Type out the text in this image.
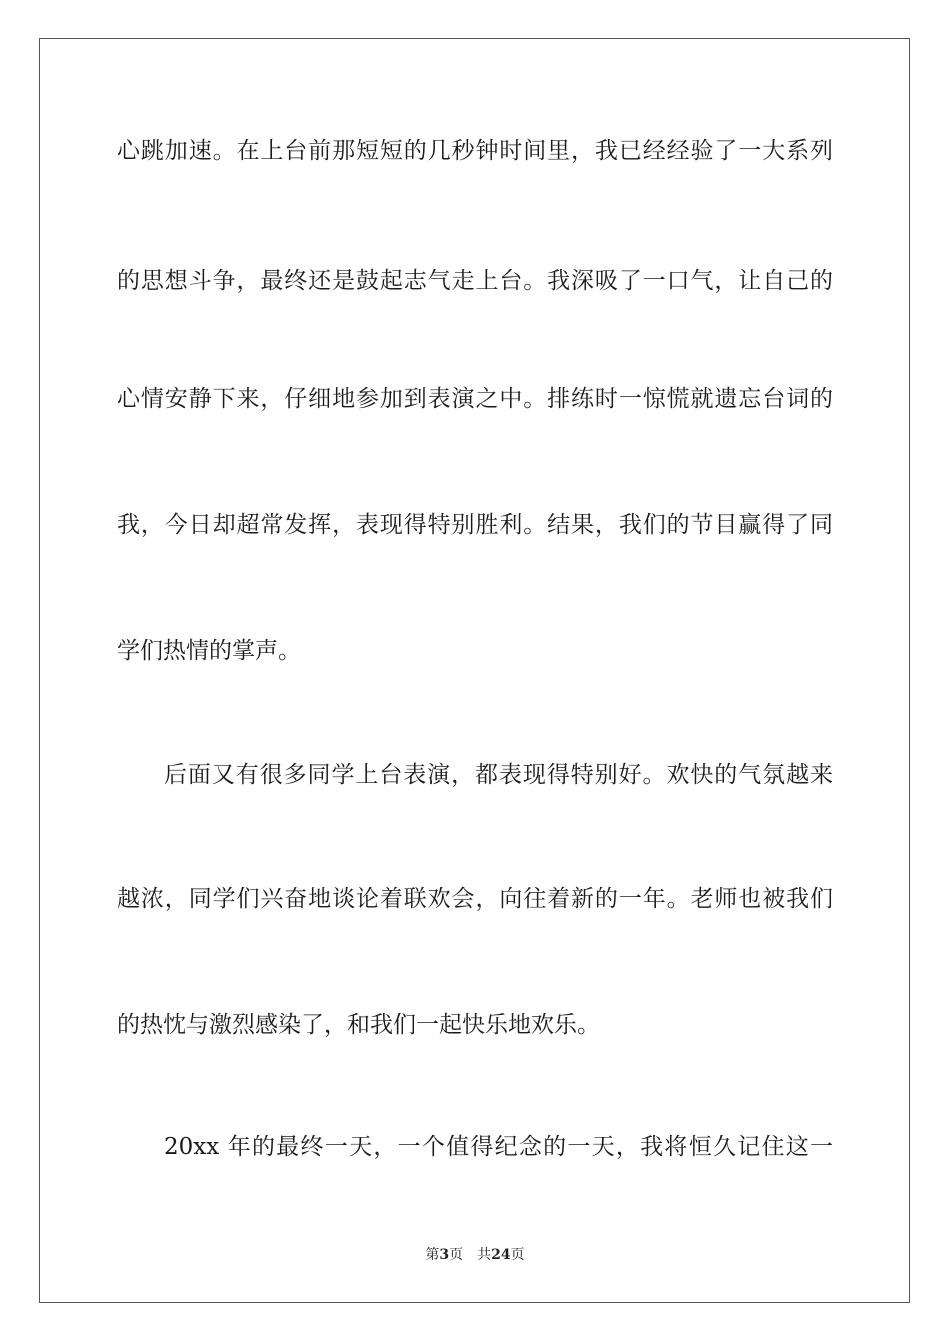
心跳加速。在上台前那短短的几秒钟时间里，我已经经验了一大系列
的思想斗争，最终还是鼓起志气走上台。我深吸了一口气，让自己的
心情安静下来，仔细地参加到表演之中。排练时一惊慌就遗忘台词的
我，今日却超常发挥，表现得特别胜利。结果，我们的节目赢得了同
学们热情的掌声。
后面又有很多同学上台表演，都表现得特别好。欢快的气氛越来
越浓，同学们兴奋地谈论着联欢会，向往着新的一年。老师也被我们
的热忱与激烈感染了，和我们一起快乐地欢乐。
20xx 年的最终一天，一个值得纪念的一天，我将恒久记住这一
第3页 共24页
